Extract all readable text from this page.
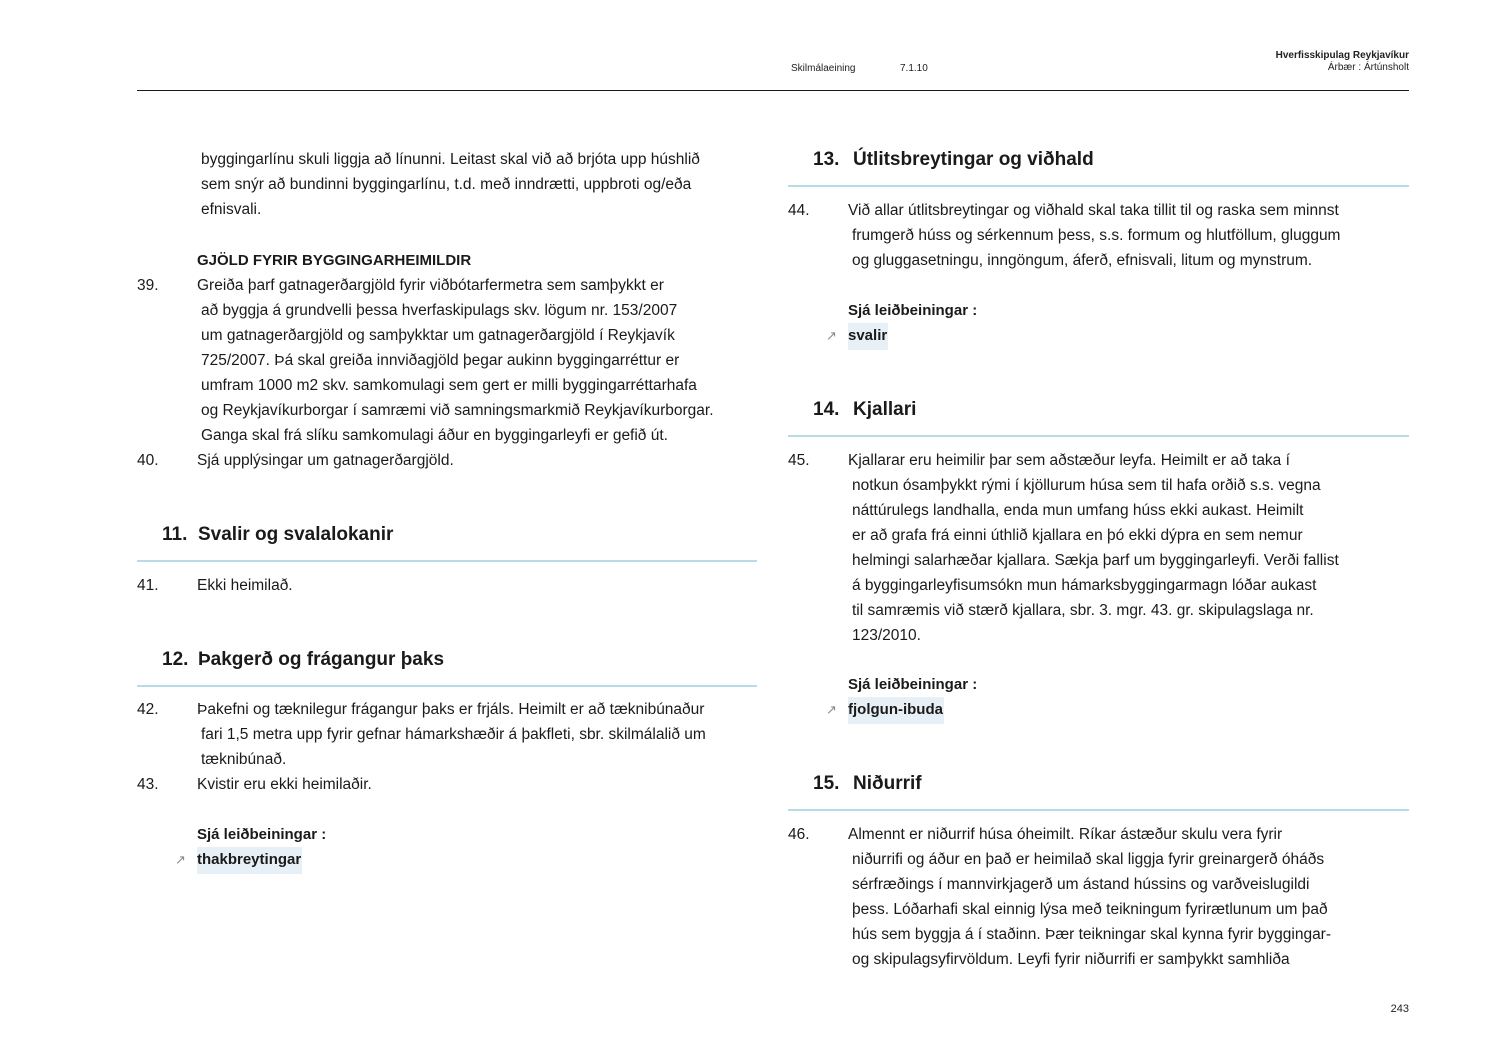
Skilmálaeining	7.1.10
Hverfisskipulag Reykjavíkur
Árbær : Ártúnsholt
byggingarlínu skuli liggja að línunni. Leitast skal við að brjóta upp húshlið
sem snýr að bundinni byggingarlínu, t.d. með inndrætti, uppbroti og/eða
efnisvali.
GJÖLD FYRIR BYGGINGARHEIMILDIR
39.	Greiða þarf gatnagerðargjöld fyrir viðbótarfermetra sem samþykkt er
að byggja á grundvelli þessa hverfaskipulags skv. lögum nr. 153/2007
um gatnagerðargjöld og samþykktar um gatnagerðargjöld í Reykjavík
725/2007. Þá skal greiða innviðagjöld þegar aukinn byggingarréttur er
umfram 1000 m2 skv. samkomulagi sem gert er milli byggingarréttarhafa
og Reykjavíkurborgar í samræmi við samningsmarkmið Reykjavíkurborgar.
Ganga skal frá slíku samkomulagi áður en byggingarleyfi er gefið út.
40.	Sjá upplýsingar um gatnagerðargjöld.
11. Svalir og svalalokanir
41.	Ekki heimilað.
12. Þakgerð og frágangur þaks
42.	Þakefni og tæknilegur frágangur þaks er frjáls. Heimilt er að tæknibúnaður
fari 1,5 metra upp fyrir gefnar hámarkshæðir á þakfleti, sbr. skilmálalið um
tæknibúnað.
43.	Kvistir eru ekki heimilaðir.
Sjá leiðbeiningar :
↗ thakbreytingar
13. Útlitsbreytingar og viðhald
44.	Við allar útlitsbreytingar og viðhald skal taka tillit til og raska sem minnst
frumgerð húss og sérkennum þess, s.s. formum og hlutföllum, gluggum
og gluggasetningu, inngöngum, áferð, efnisvali, litum og mynstrum.
Sjá leiðbeiningar :
↗ svalir
14. Kjallari
45.	Kjallarar eru heimilir þar sem aðstæður leyfa. Heimilt er að taka í
notkun ósamþykkt rými í kjöllurum húsa sem til hafa orðið s.s. vegna
náttúrulegs landhalla, enda mun umfang húss ekki aukast. Heimilt
er að grafa frá einni úthlið kjallara en þó ekki dýpra en sem nemur
helmingi salarhæðar kjallara. Sækja þarf um byggingarleyfi. Verði fallist
á byggingarleyfisumsókn mun hámarksbyggingarmagn lóðar aukast
til samræmis við stærð kjallara, sbr. 3. mgr. 43. gr. skipulagslaga nr.
123/2010.
Sjá leiðbeiningar :
↗ fjolgun-ibuda
15. Niðurrif
46.	Almennt er niðurrif húsa óheimilt. Ríkar ástæður skulu vera fyrir
niðurrifi og áður en það er heimilað skal liggja fyrir greinargerð óháðs
sérfræðings í mannvirkjagerð um ástand hússins og varðveislugildi
þess. Lóðarhafi skal einnig lýsa með teikningum fyrirætlunum um það
hús sem byggja á í staðinn. Þær teikningar skal kynna fyrir byggingar-
og skipulagsyfirvöldum. Leyfi fyrir niðurrifi er samþykkt samhliða
243
